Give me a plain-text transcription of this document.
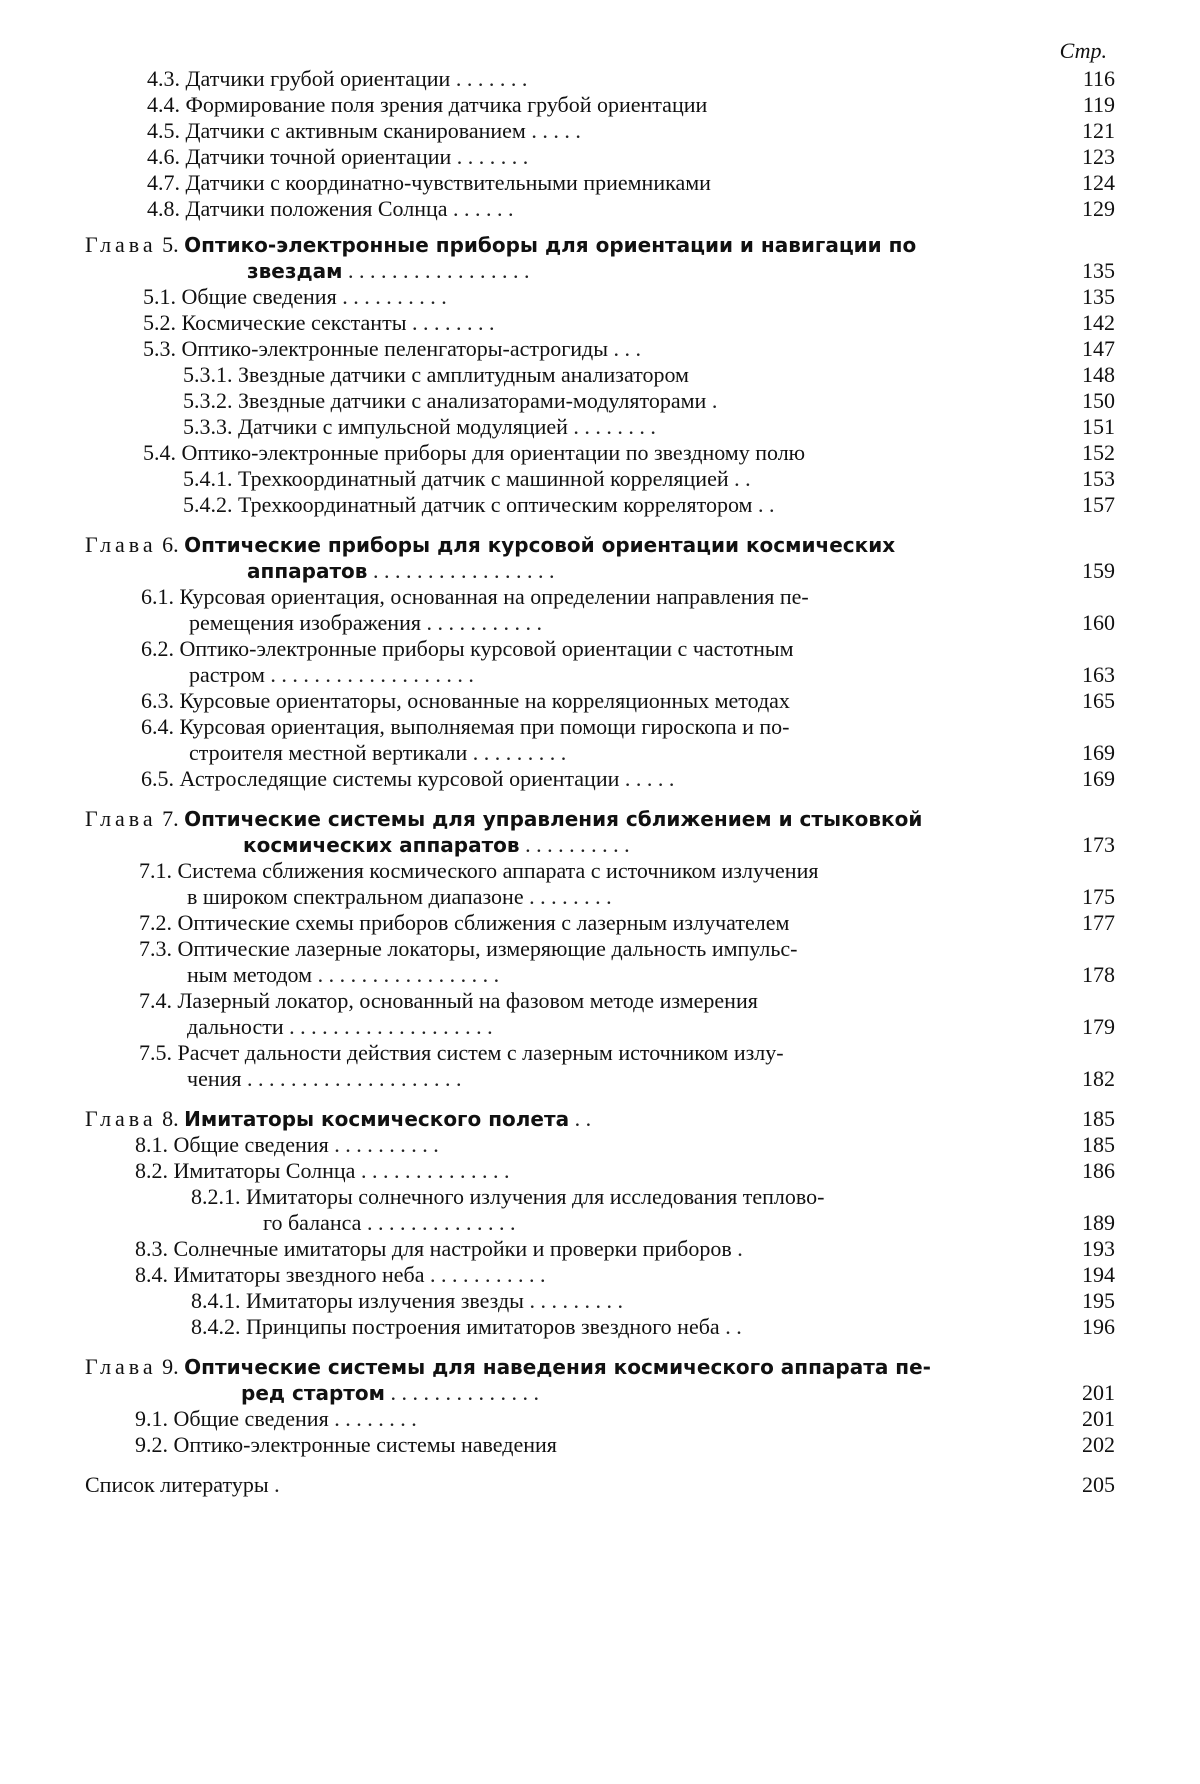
Стр.
4.3. Датчики грубой ориентации . . . . . . .	116
4.4. Формирование поля зрения датчика грубой ориентации	119
4.5. Датчики с активным сканированием . . . . .	121
4.6. Датчики точной ориентации . . . . . . .	123
4.7. Датчики с координатно-чувствительными приемниками	124
4.8. Датчики положения Солнца . . . . . .	129
Глава 5. Оптико-электронные приборы для ориентации и навигации по
звездам . . . . . . . . . . . . . . . . .	135
5.1. Общие сведения . . . . . . . . . .	135
5.2. Космические секстанты . . . . . . . .	142
5.3. Оптико-электронные пеленгаторы-астрогиды . . .	147
5.3.1. Звездные датчики с амплитудным анализатором	148
5.3.2. Звездные датчики с анализаторами-модуляторами .	150
5.3.3. Датчики с импульсной модуляцией . . . . . . . .	151
5.4. Оптико-электронные приборы для ориентации по звездному полю	152
5.4.1. Трехкоординатный датчик с машинной корреляцией . .	153
5.4.2. Трехкоординатный датчик с оптическим коррелятором . .	157
Глава 6. Оптические приборы для курсовой ориентации космических
аппаратов . . . . . . . . . . . . . . . . .	159
6.1. Курсовая ориентация, основанная на определении направления пе-
ремещения изображения . . . . . . . . . . .	160
6.2. Оптико-электронные приборы курсовой ориентации с частотным
растром . . . . . . . . . . . . . . . . . . .	163
6.3. Курсовые ориентаторы, основанные на корреляционных методах	165
6.4. Курсовая ориентация, выполняемая при помощи гироскопа и по-
строителя местной вертикали . . . . . . . . .	169
6.5. Астроследящие системы курсовой ориентации . . . . .	169
Глава 7. Оптические системы для управления сближением и стыковкой
космических аппаратов . . . . . . . . . .	173
7.1. Система сближения космического аппарата с источником излучения
в широком спектральном диапазоне . . . . . . . .	175
7.2. Оптические схемы приборов сближения с лазерным излучателем	177
7.3. Оптические лазерные локаторы, измеряющие дальность импульс-
ным методом . . . . . . . . . . . . . . . . .	178
7.4. Лазерный локатор, основанный на фазовом методе измерения
дальности . . . . . . . . . . . . . . . . . . .	179
7.5. Расчет дальности действия систем с лазерным источником излу-
чения . . . . . . . . . . . . . . . . . . . .	182
Глава 8. Имитаторы космического полета . .	185
8.1. Общие сведения . . . . . . . . . .	185
8.2. Имитаторы Солнца . . . . . . . . . . . . . .	186
8.2.1. Имитаторы солнечного излучения для исследования теплово-
го баланса . . . . . . . . . . . . . .	189
8.3. Солнечные имитаторы для настройки и проверки приборов .	193
8.4. Имитаторы звездного неба . . . . . . . . . . .	194
8.4.1. Имитаторы излучения звезды . . . . . . . . .	195
8.4.2. Принципы построения имитаторов звездного неба . .	196
Глава 9. Оптические системы для наведения космического аппарата пе-
ред стартом . . . . . . . . . . . . . .	201
9.1. Общие сведения . . . . . . . .	201
9.2. Оптико-электронные системы наведения	202
Список литературы .	205
